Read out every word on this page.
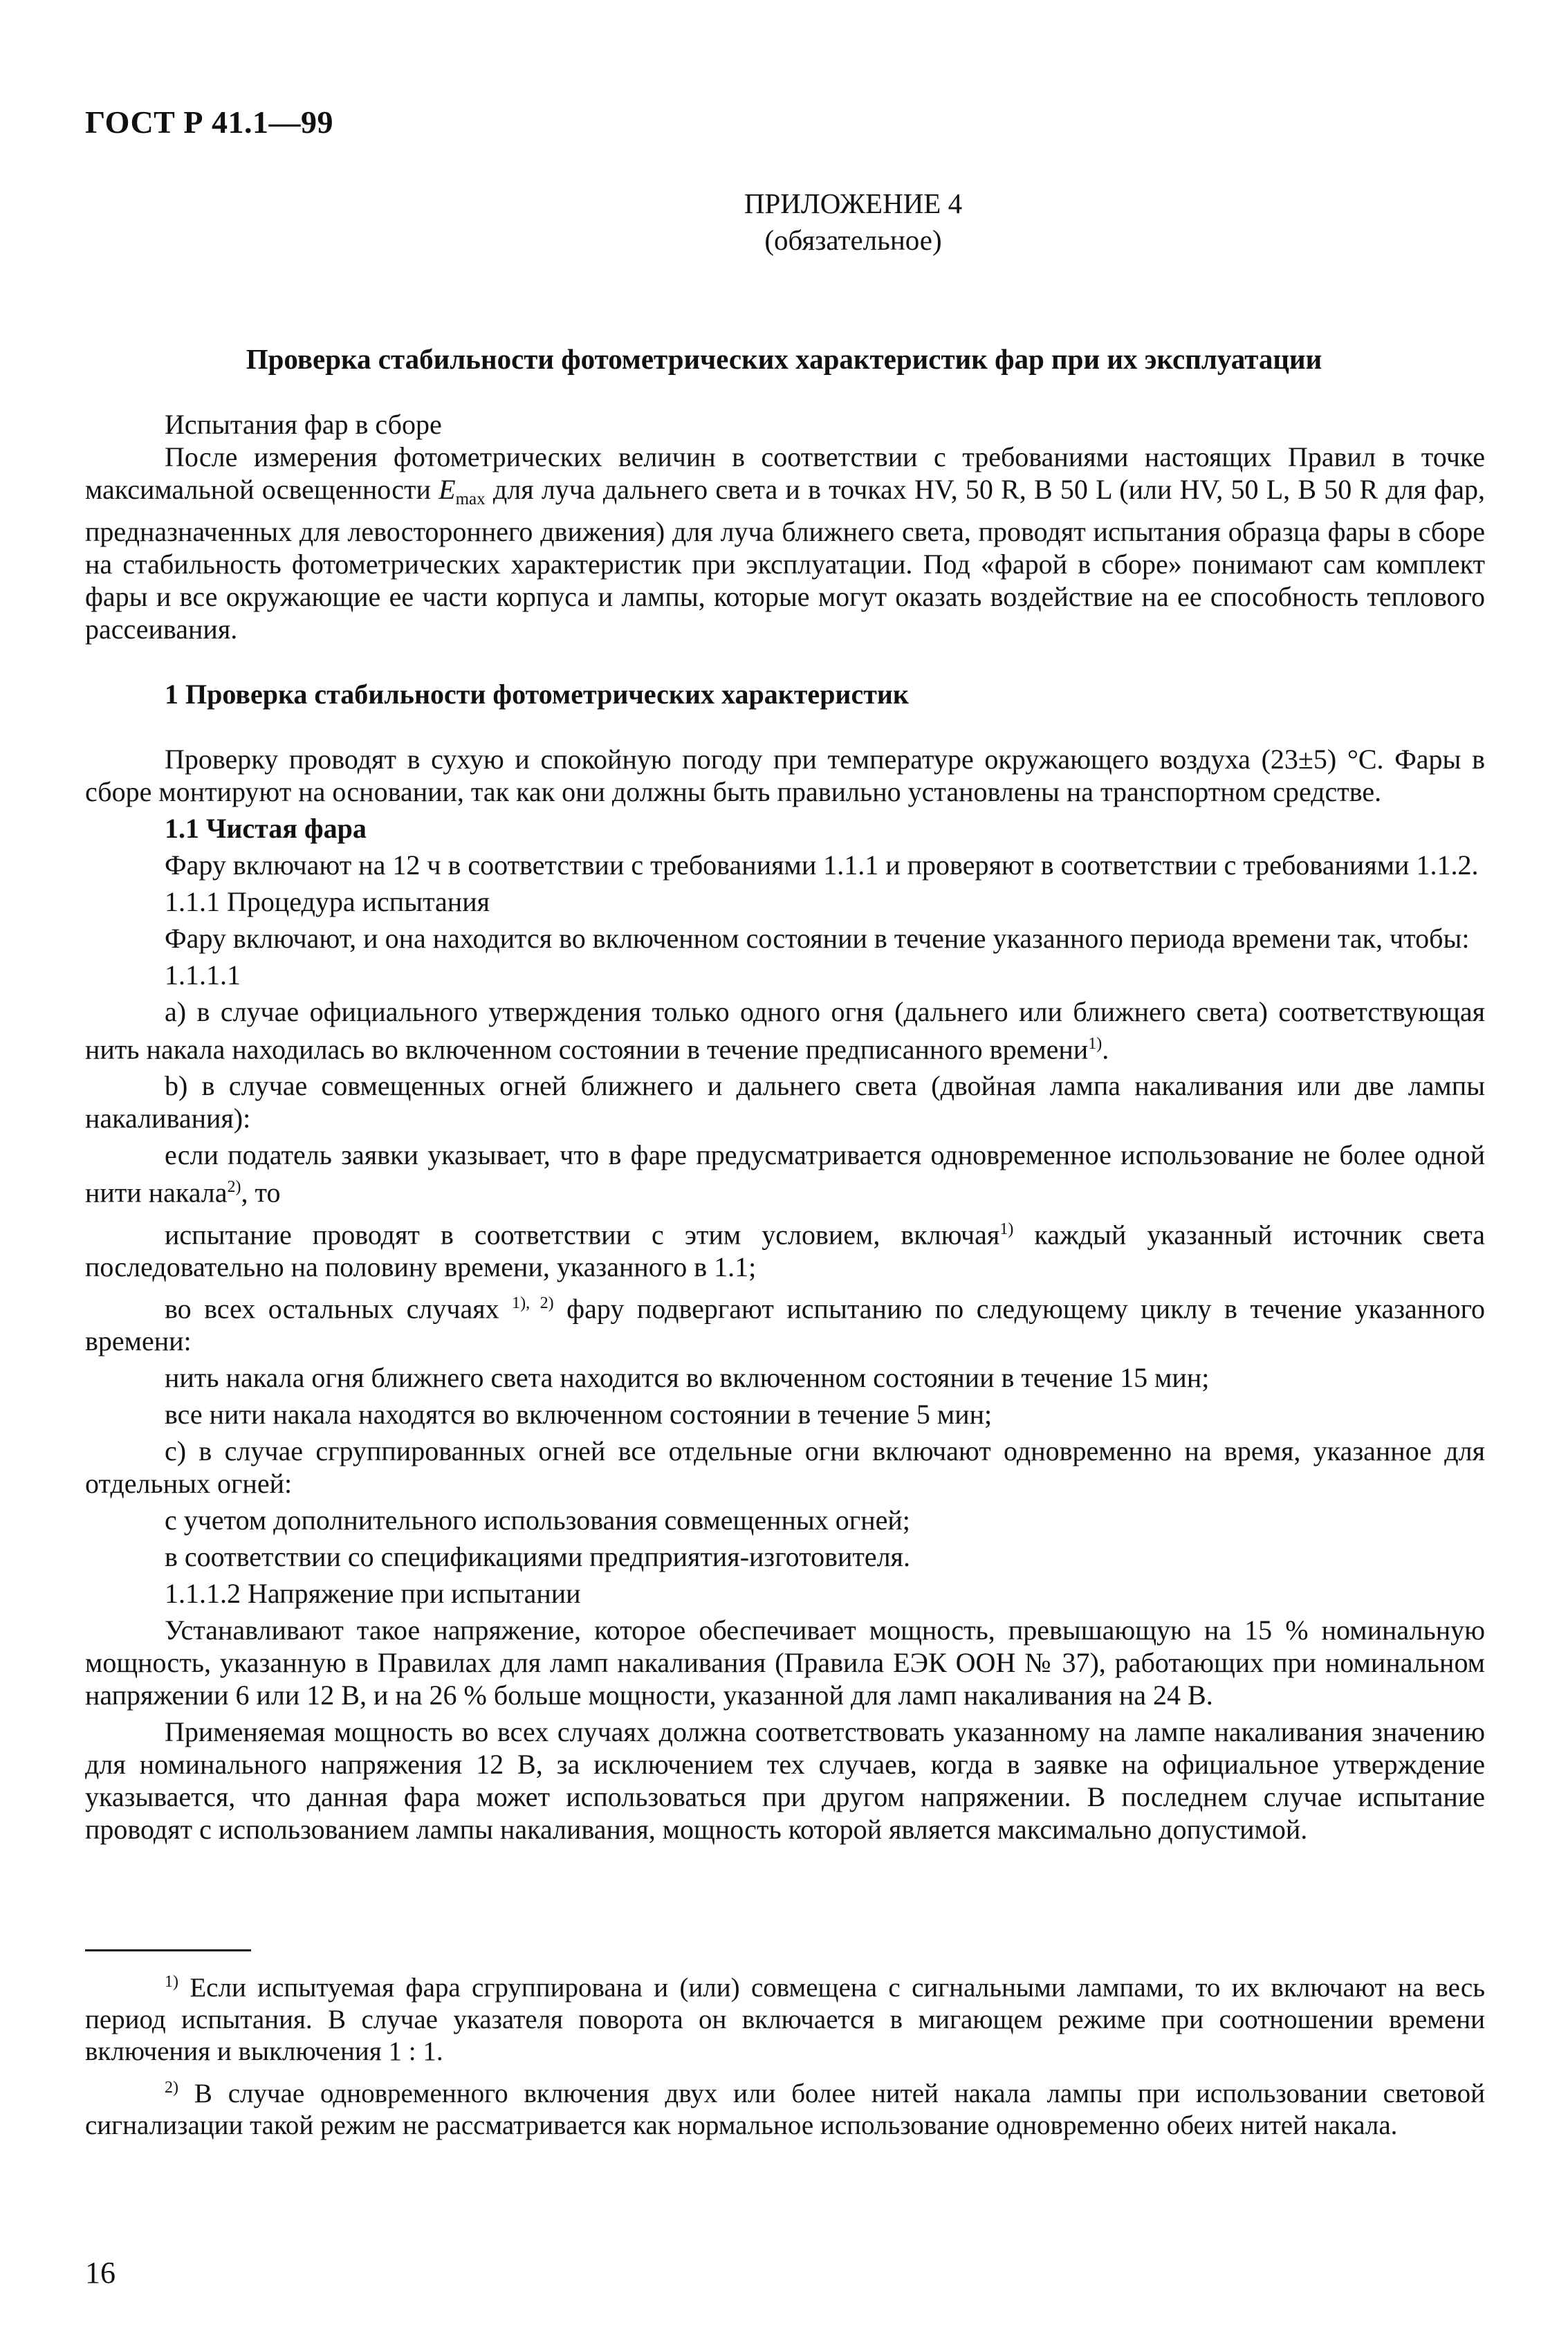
ГОСТ Р 41.1—99
ПРИЛОЖЕНИЕ 4
(обязательное)
Проверка стабильности фотометрических характеристик фар при их эксплуатации

Испытания фар в сборе

После измерения фотометрических величин в соответствии с требованиями настоящих Правил в точке максимальной освещенности $E_{max}$ для луча дальнего света и в точках HV, 50 R, B 50 L (или HV, 50 L, B 50 R для фар, предназначенных для левостороннего движения) для луча ближнего света, проводят испытания образца фары в сборе на стабильность фотометрических характеристик при эксплуатации. Под «фарой в сборе» понимают сам комплект фары и все окружающие ее части корпуса и лампы, которые могут оказать воздействие на ее способность теплового рассеивания.

1 Проверка стабильности фотометрических характеристик

Проверку проводят в сухую и спокойную погоду при температуре окружающего воздуха (23±5) °С. Фары в сборе монтируют на основании, так как они должны быть правильно установлены на транспортном средстве.

1.1 Чистая фара

Фару включают на 12 ч в соответствии с требованиями 1.1.1 и проверяют в соответствии с требованиями 1.1.2.

1.1.1 Процедура испытания

Фару включают, и она находится во включенном состоянии в течение указанного периода времени так, чтобы:

1.1.1.1

а) в случае официального утверждения только одного огня (дальнего или ближнего света) соответствующая нить накала находилась во включенном состоянии в течение предписанного времени$^{1)}$.

b) в случае совмещенных огней ближнего и дальнего света (двойная лампа накаливания или две лампы накаливания):

если податель заявки указывает, что в фаре предусматривается одновременное использование не более одной нити накала$^{2)}$, то

испытание проводят в соответствии с этим условием, включая$^{1)}$ каждый указанный источник света последовательно на половину времени, указанного в 1.1;

во всех остальных случаях $^{1), 2)}$ фару подвергают испытанию по следующему циклу в течение указанного времени:

нить накала огня ближнего света находится во включенном состоянии в течение 15 мин;

все нити накала находятся во включенном состоянии в течение 5 мин;

с) в случае сгруппированных огней все отдельные огни включают одновременно на время, указанное для отдельных огней:

с учетом дополнительного использования совмещенных огней;

в соответствии со спецификациями предприятия-изготовителя.

1.1.1.2 Напряжение при испытании

Устанавливают такое напряжение, которое обеспечивает мощность, превышающую на 15 % номинальную мощность, указанную в Правилах для ламп накаливания (Правила ЕЭК ООН № 37), работающих при номинальном напряжении 6 или 12 В, и на 26 % больше мощности, указанной для ламп накаливания на 24 В.

Применяемая мощность во всех случаях должна соответствовать указанному на лампе накаливания значению для номинального напряжения 12 В, за исключением тех случаев, когда в заявке на официальное утверждение указывается, что данная фара может использоваться при другом напряжении. В последнем случае испытание проводят с использованием лампы накаливания, мощность которой является максимально допустимой.

$^{1)}$ Если испытуемая фара сгруппирована и (или) совмещена с сигнальными лампами, то их включают на весь период испытания. В случае указателя поворота он включается в мигающем режиме при соотношении времени включения и выключения 1 : 1.

$^{2)}$ В случае одновременного включения двух или более нитей накала лампы при использовании световой сигнализации такой режим не рассматривается как нормальное использование одновременно обеих нитей накала.

16
